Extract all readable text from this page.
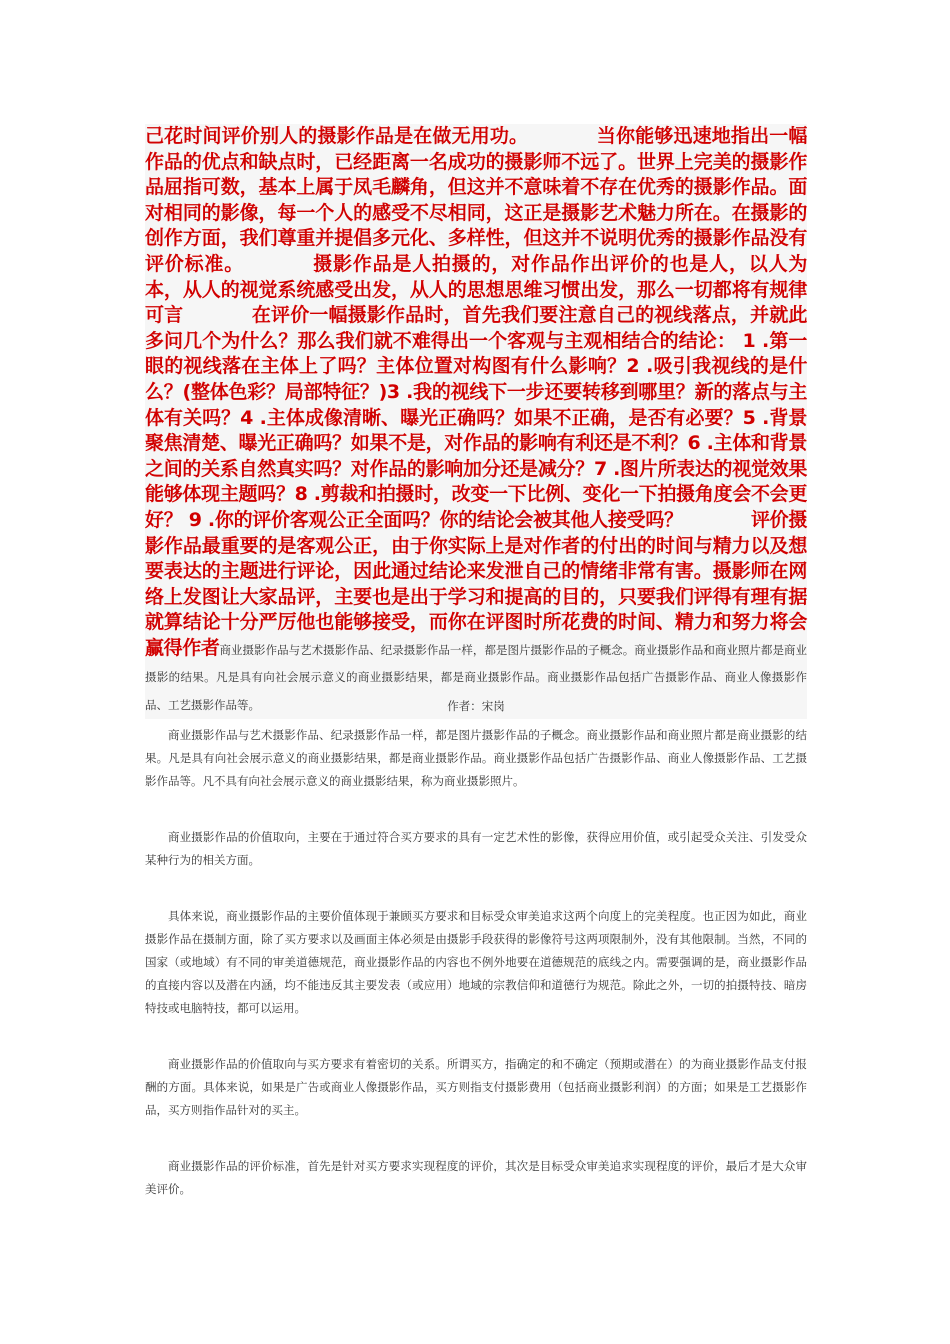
己花时间评价别人的摄影作品是在做无用功。	当你能够迅速地指出一幅作品的优点和缺点时，已经距离一名成功的摄影师不远了。世界上完美的摄影作品屈指可数，基本上属于凤毛麟角，但这并不意味着不存在优秀的摄影作品。面对相同的影像，每一个人的感受不尽相同，这正是摄影艺术魅力所在。在摄影的创作方面，我们尊重并提倡多元化、多样性，但这并不说明优秀的摄影作品没有评价标准。	摄影作品是人拍摄的，对作品作出评价的也是人，以人为本，从人的视觉系统感受出发，从人的思想思维习惯出发，那么一切都将有规律可言	在评价一幅摄影作品时，首先我们要注意自己的视线落点，并就此多问几个为什么？那么我们就不难得出一个客观与主观相结合的结论： 1 .第一眼的视线落在主体上了吗？主体位置对构图有什么影响？2 .吸引我视线的是什么？(整体色彩？局部特征？)3 .我的视线下一步还要转移到哪里？新的落点与主体有关吗？4 .主体成像清晰、曝光正确吗？如果不正确，是否有必要？5 .背景聚焦清楚、曝光正确吗？如果不是，对作品的影响有利还是不利？6 .主体和背景之间的关系自然真实吗？对作品的影响加分还是减分？7 .图片所表达的视觉效果能够体现主题吗？8 .剪裁和拍摄时，改变一下比例、变化一下拍摄角度会不会更好？ 9 .你的评价客观公正全面吗？你的结论会被其他人接受吗？	评价摄影作品最重要的是客观公正，由于你实际上是对作者的付出的时间与精力以及想要表达的主题进行评论，因此通过结论来发泄自己的情绪非常有害。摄影师在网络上发图让大家品评，主要也是出于学习和提高的目的，只要我们评得有理有据就算结论十分严厉他也能够接受，而你在评图时所花费的时间、精力和努力将会赢得作者商业摄影作品与艺术摄影作品、纪录摄影作品一样，都是图片摄影作品的子概念。商业摄影作品和商业照片都是商业摄影的结果。凡是具有向社会展示意义的商业摄影结果，都是商业摄影作品。商业摄影作品包括广告摄影作品、商业人像摄影作品、工艺摄影作品等。	作者：宋岗

商业摄影作品与艺术摄影作品、纪录摄影作品一样，都是图片摄影作品的子概念。商业摄影作品和商业照片都是商业摄影的结果。凡是具有向社会展示意义的商业摄影结果，都是商业摄影作品。商业摄影作品包括广告摄影作品、商业人像摄影作品、工艺摄影作品等。凡不具有向社会展示意义的商业摄影结果，称为商业摄影照片。

商业摄影作品的价值取向，主要在于通过符合买方要求的具有一定艺术性的影像，获得应用价值，或引起受众关注、引发受众某种行为的相关方面。

具体来说，商业摄影作品的主要价值体现于兼顾买方要求和目标受众审美追求这两个向度上的完美程度。也正因为如此，商业摄影作品在摄制方面，除了买方要求以及画面主体必须是由摄影手段获得的影像符号这两项限制外，没有其他限制。当然，不同的国家（或地域）有不同的审美道德规范，商业摄影作品的内容也不例外地要在道德规范的底线之内。需要强调的是，商业摄影作品的直接内容以及潜在内涵，均不能违反其主要发表（或应用）地域的宗教信仰和道德行为规范。除此之外，一切的拍摄特技、暗房特技或电脑特技，都可以运用。

商业摄影作品的价值取向与买方要求有着密切的关系。所谓买方，指确定的和不确定（预期或潜在）的为商业摄影作品支付报酬的方面。具体来说，如果是广告或商业人像摄影作品，买方则指支付摄影费用（包括商业摄影利润）的方面；如果是工艺摄影作品，买方则指作品针对的买主。

商业摄影作品的评价标准，首先是针对买方要求实现程度的评价，其次是目标受众审美追求实现程度的评价，最后才是大众审美评价。
